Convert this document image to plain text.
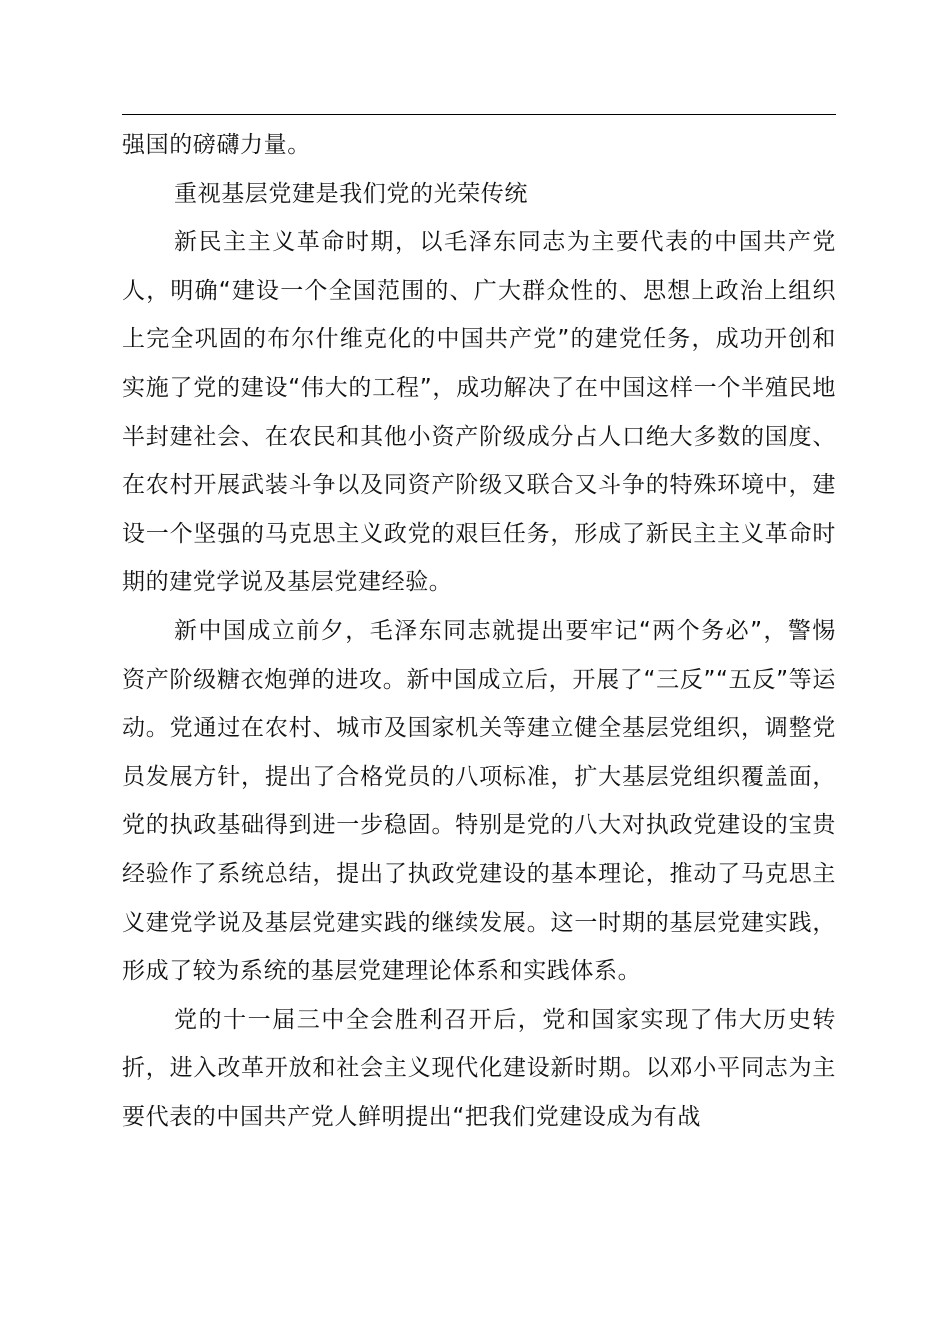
强国的磅礴力量。

重视基层党建是我们党的光荣传统

新民主主义革命时期，以毛泽东同志为主要代表的中国共产党人，明确“建设一个全国范围的、广大群众性的、思想上政治上组织上完全巩固的布尔什维克化的中国共产党”的建党任务，成功开创和实施了党的建设“伟大的工程”，成功解决了在中国这样一个半殖民地半封建社会、在农民和其他小资产阶级成分占人口绝大多数的国度、在农村开展武装斗争以及同资产阶级又联合又斗争的特殊环境中，建设一个坚强的马克思主义政党的艰巨任务，形成了新民主主义革命时期的建党学说及基层党建经验。

新中国成立前夕，毛泽东同志就提出要牢记“两个务必”，警惕资产阶级糖衣炮弹的进攻。新中国成立后，开展了“三反”“五反”等运动。党通过在农村、城市及国家机关等建立健全基层党组织，调整党员发展方针，提出了合格党员的八项标准，扩大基层党组织覆盖面，党的执政基础得到进一步稳固。特别是党的八大对执政党建设的宝贵经验作了系统总结，提出了执政党建设的基本理论，推动了马克思主义建党学说及基层党建实践的继续发展。这一时期的基层党建实践，形成了较为系统的基层党建理论体系和实践体系。

党的十一届三中全会胜利召开后，党和国家实现了伟大历史转折，进入改革开放和社会主义现代化建设新时期。以邓小平同志为主要代表的中国共产党人鲜明提出“把我们党建设成为有战
